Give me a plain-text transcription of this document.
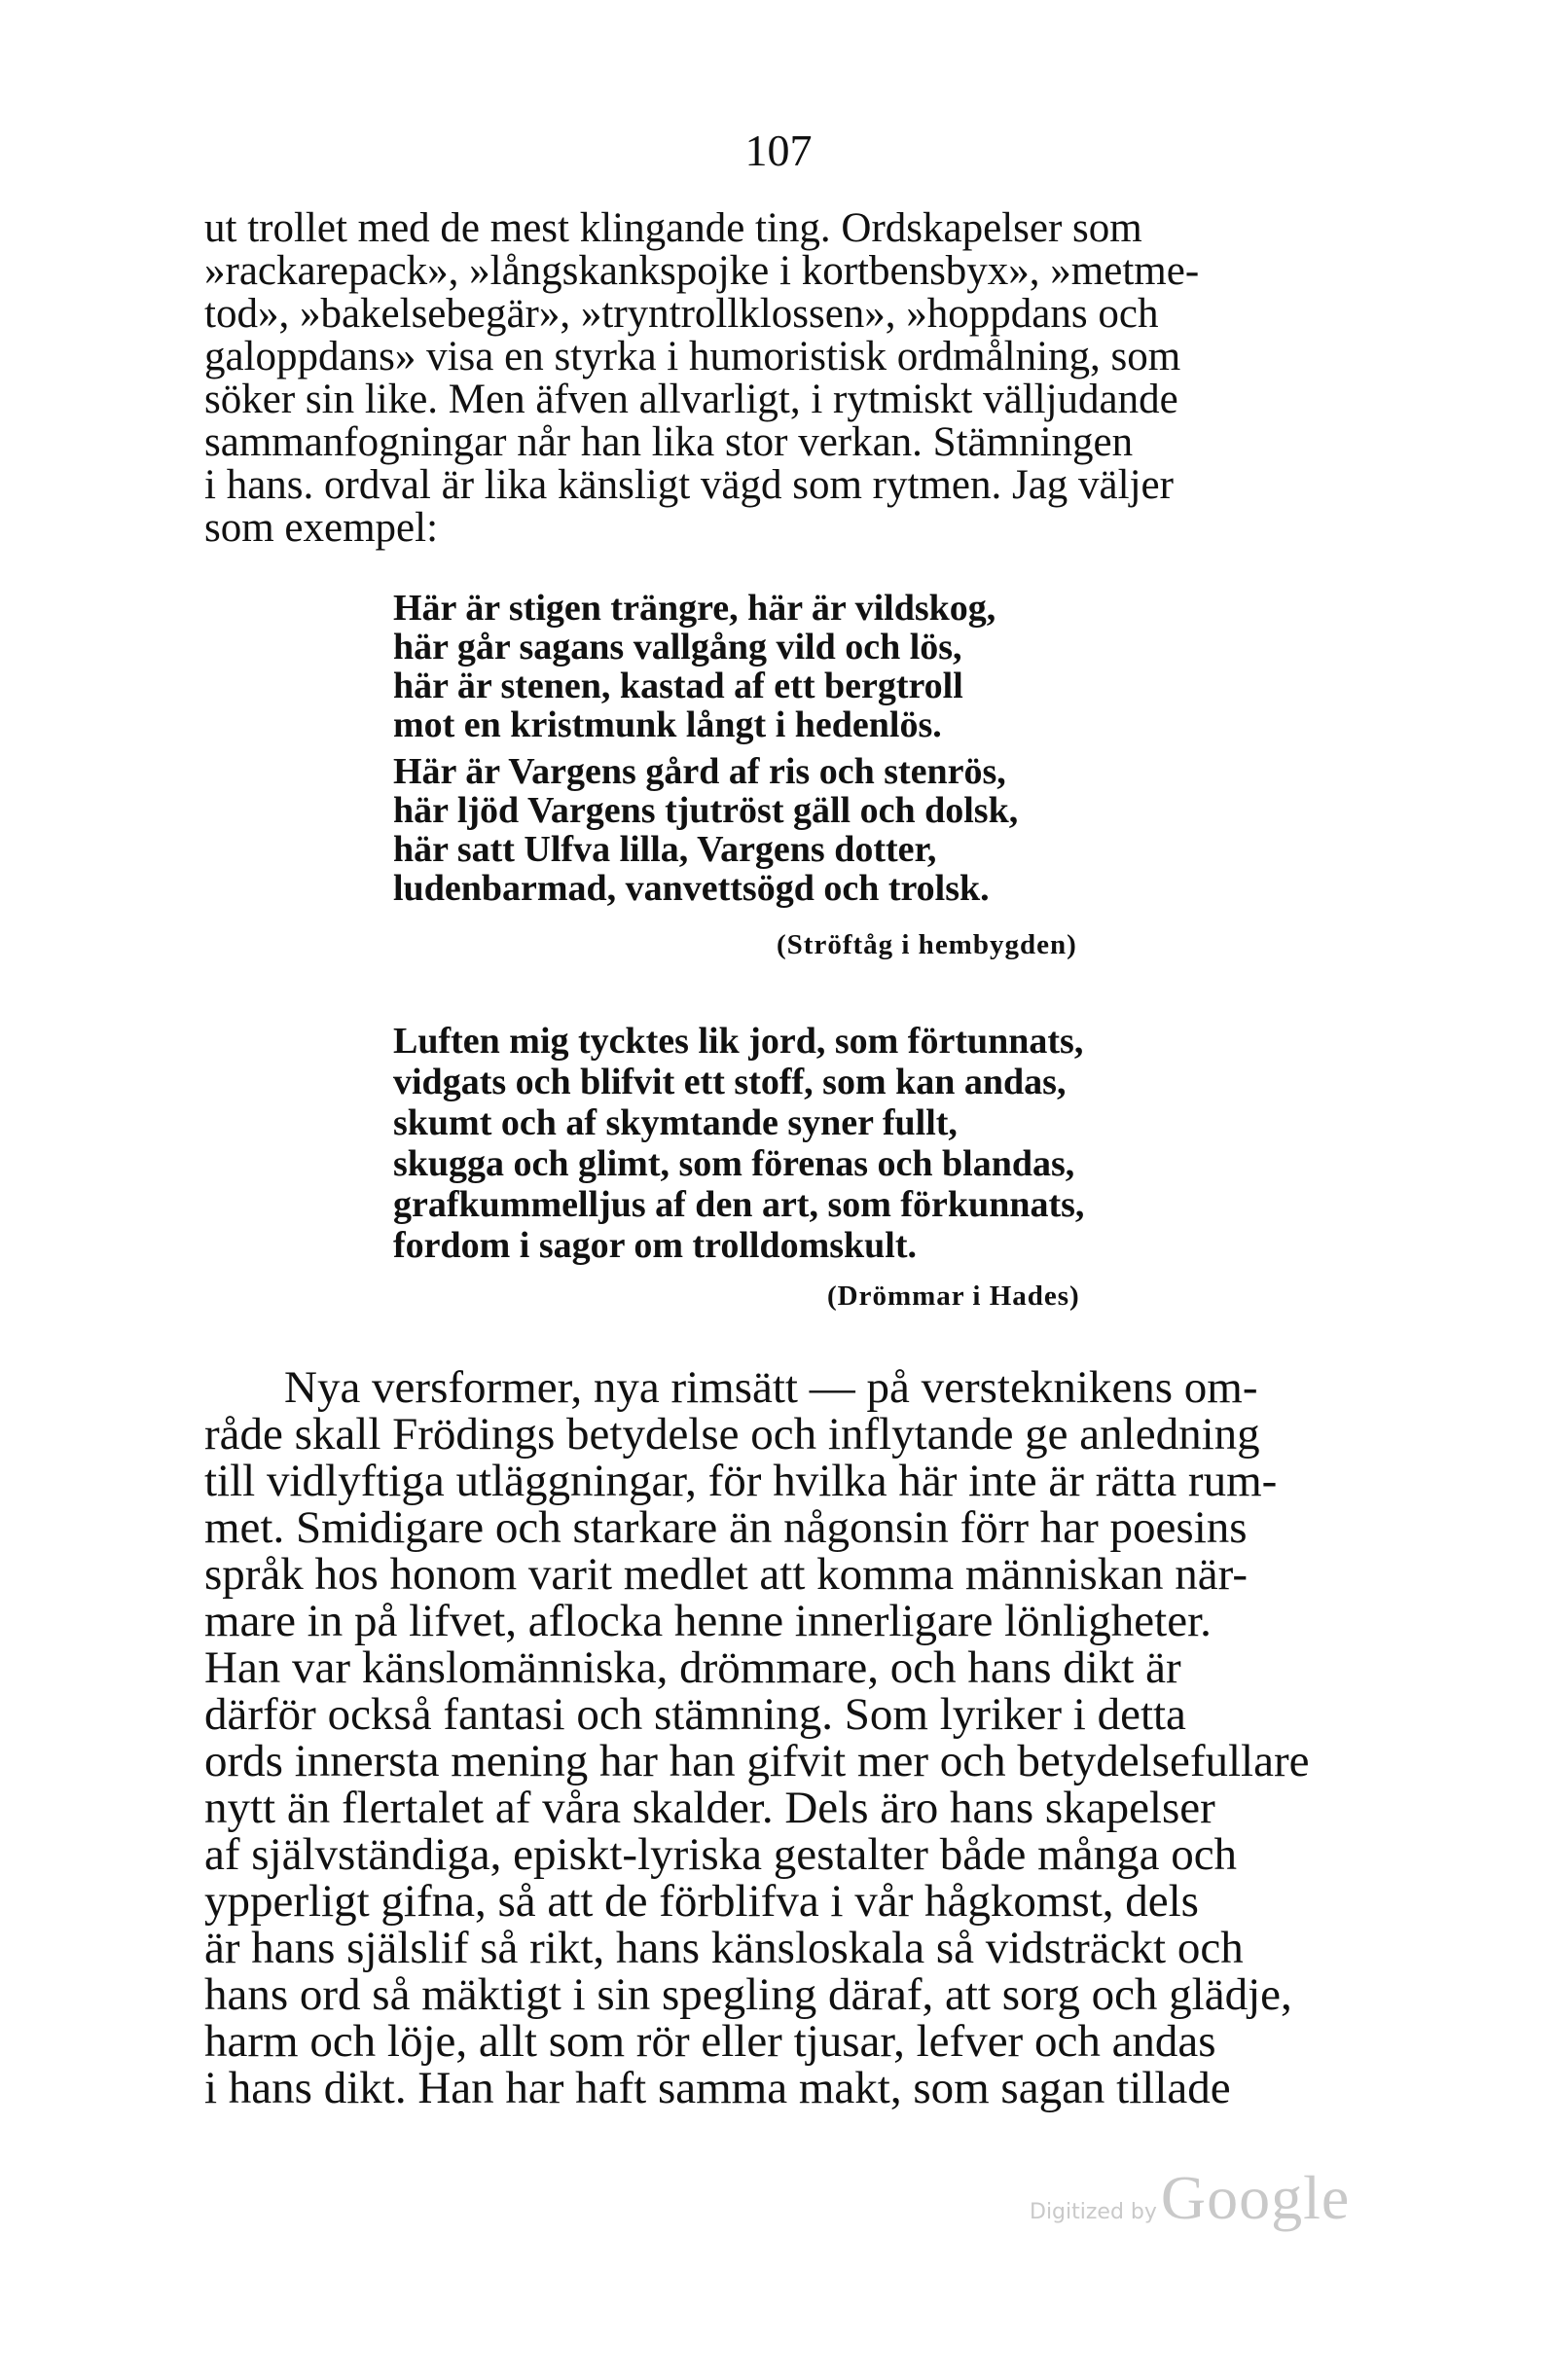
107
ut trollet med de mest klingande ting. Ordskapelser som
»rackarepack», »långskankspojke i kortbensbyx», »metme-
tod», »bakelsebegär», »tryntrollklossen», »hoppdans och
galoppdans» visa en styrka i humoristisk ordmålning, som
söker sin like. Men äfven allvarligt, i rytmiskt välljudande
sammanfogningar når han lika stor verkan. Stämningen
i hans. ordval är lika känsligt vägd som rytmen. Jag väljer
som exempel:
Här är stigen trängre, här är vildskog,
här går sagans vallgång vild och lös,
här är stenen, kastad af ett bergtroll
mot en kristmunk långt i hedenlös.
Här är Vargens gård af ris och stenrös,
här ljöd Vargens tjutröst gäll och dolsk,
här satt Ulfva lilla, Vargens dotter,
ludenbarmad, vanvettsögd och trolsk.
(Ströftåg i hembygden)
Luften mig tycktes lik jord, som förtunnats,
vidgats och blifvit ett stoff, som kan andas,
skumt och af skymtande syner fullt,
skugga och glimt, som förenas och blandas,
grafkummelljus af den art, som förkunnats,
fordom i sagor om trolldomskult.
(Drömmar i Hades)
Nya versformer, nya rimsätt — på versteknikens om-
råde skall Frödings betydelse och inflytande ge anledning
till vidlyftiga utläggningar, för hvilka här inte är rätta rum-
met. Smidigare och starkare än någonsin förr har poesins
språk hos honom varit medlet att komma människan när-
mare in på lifvet, aflocka henne innerligare lönligheter.
Han var känslomänniska, drömmare, och hans dikt är
därför också fantasi och stämning. Som lyriker i detta
ords innersta mening har han gifvit mer och betydelsefullare
nytt än flertalet af våra skalder. Dels äro hans skapelser
af självständiga, episkt-lyriska gestalter både många och
ypperligt gifna, så att de förblifva i vår hågkomst, dels
är hans själslif så rikt, hans känsloskala så vidsträckt och
hans ord så mäktigt i sin spegling däraf, att sorg och glädje,
harm och löje, allt som rör eller tjusar, lefver och andas
i hans dikt. Han har haft samma makt, som sagan tillade
Digitized by Google
